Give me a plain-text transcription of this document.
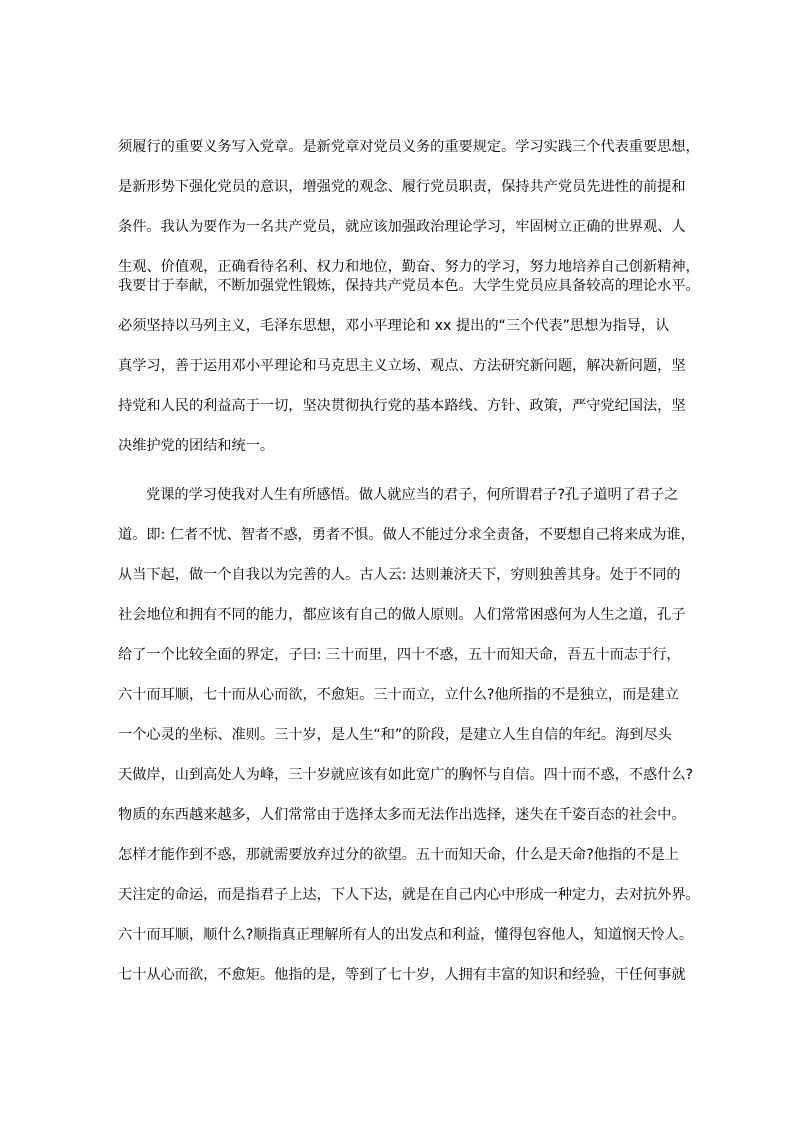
须履行的重要义务写入党章。是新党章对党员义务的重要规定。学习实践三个代表重要思想，
是新形势下强化党员的意识，增强党的观念、履行党员职责，保持共产党员先进性的前提和
条件。我认为要作为一名共产党员，就应该加强政治理论学习，牢固树立正确的世界观、人
生观、价值观，正确看待名利、权力和地位，勤奋、努力的学习，努力地培养自己创新精神，
我要甘于奉献，不断加强党性锻炼，保持共产党员本色。大学生党员应具备较高的理论水平。
必须坚持以马列主义，毛泽东思想，邓小平理论和 xx 提出的“三个代表”思想为指导，认
真学习，善于运用邓小平理论和马克思主义立场、观点、方法研究新问题，解决新问题，坚
持党和人民的利益高于一切，坚决贯彻执行党的基本路线、方针、政策，严守党纪国法，坚
决维护党的团结和统一。
党课的学习使我对人生有所感悟。做人就应当的君子，何所谓君子?孔子道明了君子之
道。即: 仁者不忧、智者不惑，勇者不惧。做人不能过分求全责备，不要想自己将来成为谁，
从当下起，做一个自我以为完善的人。古人云: 达则兼济天下，穷则独善其身。处于不同的
社会地位和拥有不同的能力，都应该有自己的做人原则。人们常常困惑何为人生之道，孔子
给了一个比较全面的界定，子曰: 三十而里，四十不惑，五十而知天命，吾五十而志于行，
六十而耳顺，七十而从心而欲，不愈矩。三十而立，立什么?他所指的不是独立，而是建立
一个心灵的坐标、准则。三十岁，是人生“和”的阶段，是建立人生自信的年纪。海到尽头
天做岸，山到高处人为峰，三十岁就应该有如此宽广的胸怀与自信。四十而不惑，不惑什么?
物质的东西越来越多，人们常常由于选择太多而无法作出选择，迷失在千姿百态的社会中。
怎样才能作到不惑，那就需要放弃过分的欲望。五十而知天命，什么是天命?他指的不是上
天注定的命运，而是指君子上达，下人下达，就是在自己内心中形成一种定力，去对抗外界。
六十而耳顺，顺什么?顺指真正理解所有人的出发点和利益，懂得包容他人，知道悯天怜人。
七十从心而欲，不愈矩。他指的是，等到了七十岁，人拥有丰富的知识和经验，干任何事就
